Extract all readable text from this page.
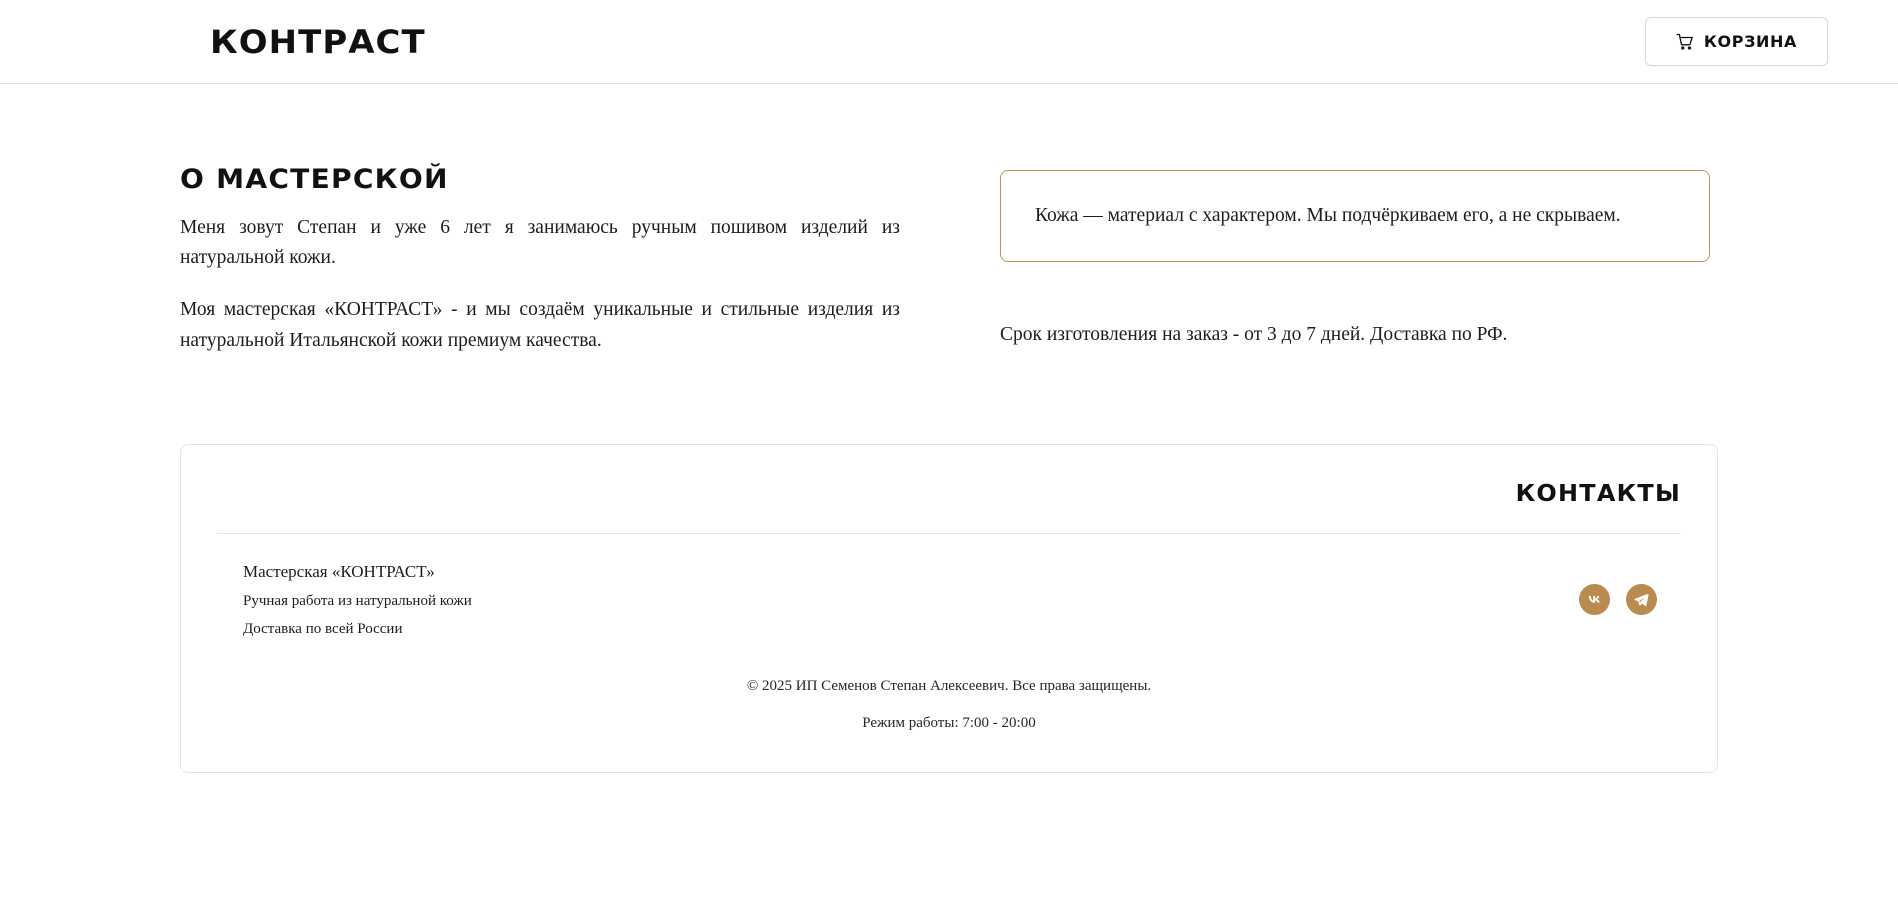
КОНТРАСТ	КОРЗИНА
О МАСТЕРСКОЙ

Меня зовут Степан и уже 6 лет я занимаюсь ручным пошивом изделий из натуральной кожи.

Моя мастерская «КОНТРАСТ» - и мы создаём уникальные и стильные изделия из натуральной Итальянской кожи премиум качества.

Кожа — материал с характером. Мы подчёркиваем его, а не скрываем.

Срок изготовления на заказ - от 3 до 7 дней. Доставка по РФ.

КОНТАКТЫ
Мастерская «КОНТРАСТ»
Ручная работа из натуральной кожи
Доставка по всей России
© 2025 ИП Семенов Степан Алексеевич. Все права защищены.
Режим работы: 7:00 - 20:00
